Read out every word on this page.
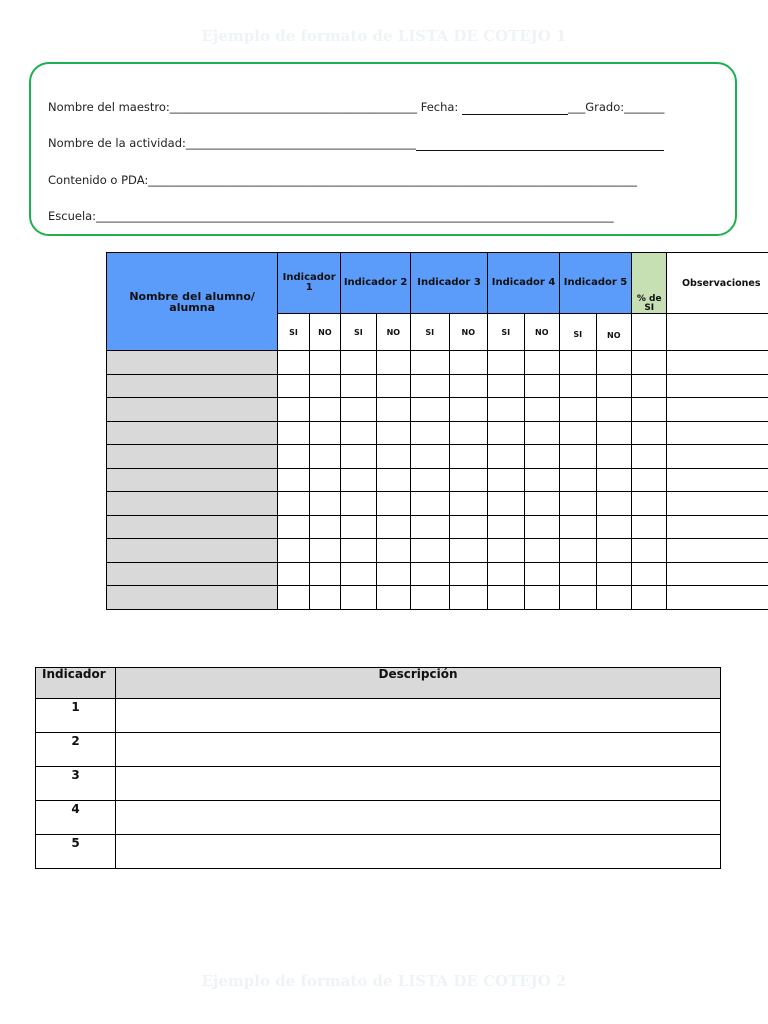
Ejemplo de formato de LISTA DE COTEJO 1
Nombre del maestro:___________________________________________ Fecha:	___Grado:_______
Nombre de la actividad:________________________________________
Contenido o PDA:_____________________________________________________________________________________
Escuela:__________________________________________________________________________________________
Nombre del alumno/ alumna	Indicador 1		Indicador 2		Indicador 3		Indicador 4		Indicador 5		% de SI	Observaciones
	SI	NO	SI	NO	SI	NO	SI	NO	SI	NO		

Indicador	Descripción
1	
2	
3	
4	
5	
Ejemplo de formato de LISTA DE COTEJO 2
